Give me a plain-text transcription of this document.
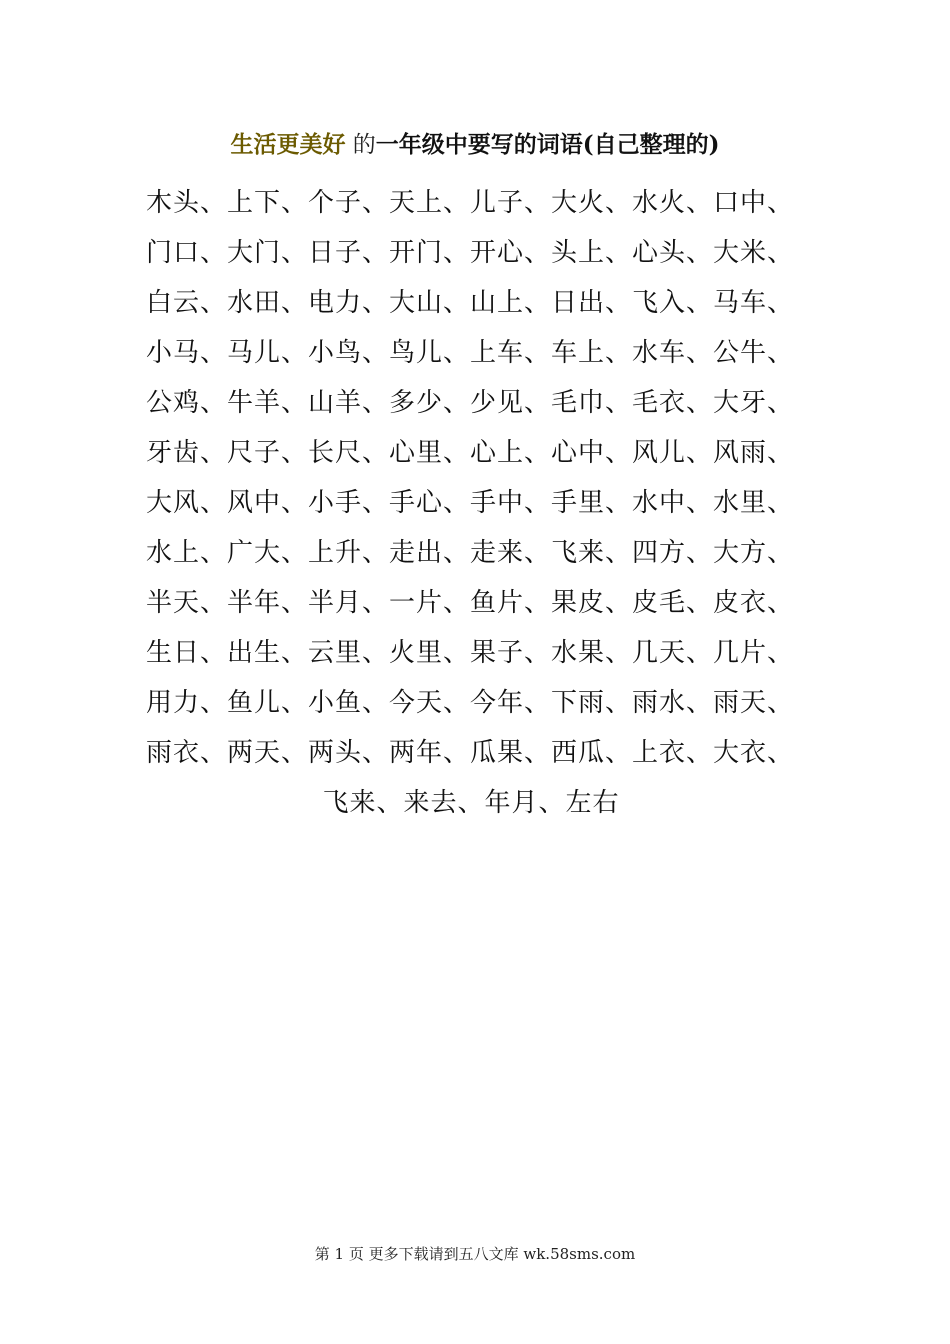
生活更美好 的一年级中要写的词语(自己整理的)
木头、上下、个子、天上、儿子、大火、水火、口中、
门口、大门、日子、开门、开心、头上、心头、大米、
白云、水田、电力、大山、山上、日出、飞入、马车、
小马、马儿、小鸟、鸟儿、上车、车上、水车、公牛、
公鸡、牛羊、山羊、多少、少见、毛巾、毛衣、大牙、
牙齿、尺子、长尺、心里、心上、心中、风儿、风雨、
大风、风中、小手、手心、手中、手里、水中、水里、
水上、广大、上升、走出、走来、飞来、四方、大方、
半天、半年、半月、一片、鱼片、果皮、皮毛、皮衣、
生日、出生、云里、火里、果子、水果、几天、几片、
用力、鱼儿、小鱼、今天、今年、下雨、雨水、雨天、
雨衣、两天、两头、两年、瓜果、西瓜、上衣、大衣、
飞来、来去、年月、左右
第 1 页 更多下载请到五八文库 wk.58sms.com
